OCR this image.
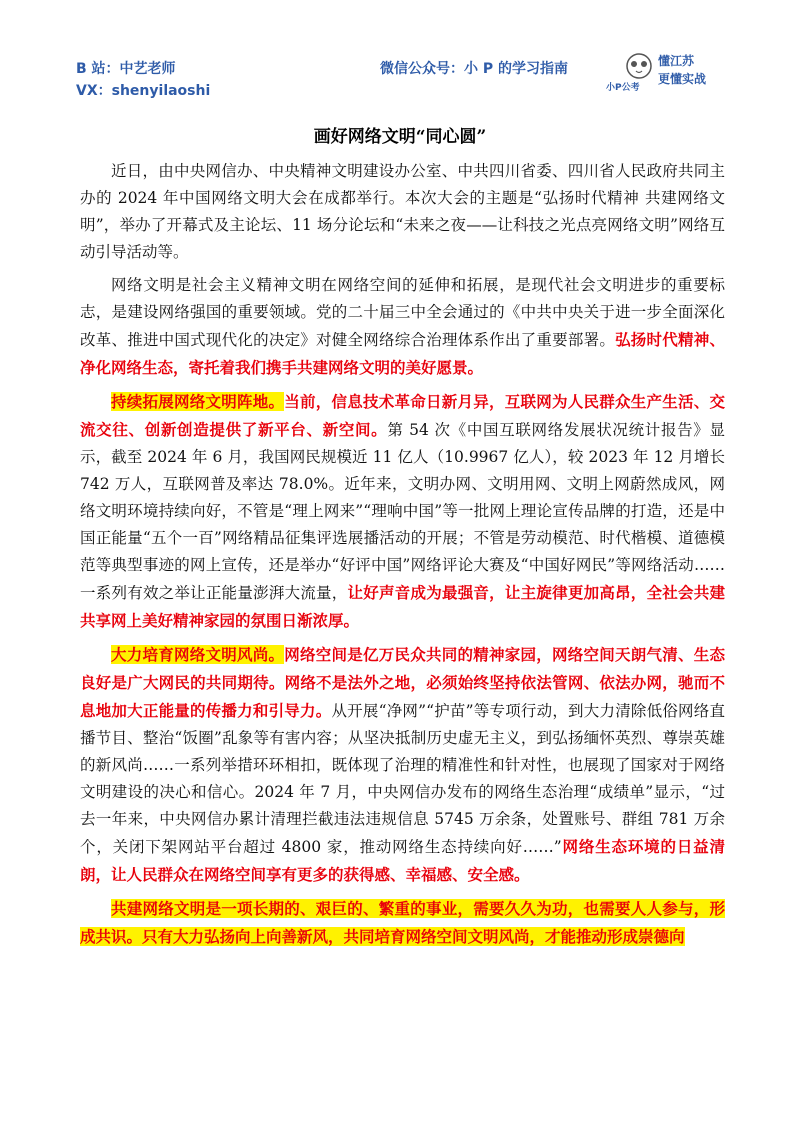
B 站：中艺老师
VX：shenyilaoshi
微信公众号：小 P 的学习指南	懂江苏
更懂实战
小P公考
画好网络文明“同心圆”

近日，由中央网信办、中央精神文明建设办公室、中共四川省委、四川省人民政府共同主办的 2024 年中国网络文明大会在成都举行。本次大会的主题是“弘扬时代精神 共建网络文明”，举办了开幕式及主论坛、11 场分论坛和“未来之夜——让科技之光点亮网络文明”网络互动引导活动等。

网络文明是社会主义精神文明在网络空间的延伸和拓展，是现代社会文明进步的重要标志，是建设网络强国的重要领域。党的二十届三中全会通过的《中共中央关于进一步全面深化改革、推进中国式现代化的决定》对健全网络综合治理体系作出了重要部署。弘扬时代精神、净化网络生态，寄托着我们携手共建网络文明的美好愿景。

持续拓展网络文明阵地。当前，信息技术革命日新月异，互联网为人民群众生产生活、交流交往、创新创造提供了新平台、新空间。第 54 次《中国互联网络发展状况统计报告》显示，截至 2024 年 6 月，我国网民规模近 11 亿人（10.9967 亿人），较 2023 年 12 月增长 742 万人，互联网普及率达 78.0%。近年来，文明办网、文明用网、文明上网蔚然成风，网络文明环境持续向好，不管是“理上网来”“理响中国”等一批网上理论宣传品牌的打造，还是中国正能量“五个一百”网络精品征集评选展播活动的开展；不管是劳动模范、时代楷模、道德模范等典型事迹的网上宣传，还是举办“好评中国”网络评论大赛及“中国好网民”等网络活动……一系列有效之举让正能量澎湃大流量，让好声音成为最强音，让主旋律更加高昂，全社会共建共享网上美好精神家园的氛围日渐浓厚。

大力培育网络文明风尚。网络空间是亿万民众共同的精神家园，网络空间天朗气清、生态良好是广大网民的共同期待。网络不是法外之地，必须始终坚持依法管网、依法办网，驰而不息地加大正能量的传播力和引导力。从开展“净网”“护苗”等专项行动，到大力清除低俗网络直播节目、整治“饭圈”乱象等有害内容；从坚决抵制历史虚无主义，到弘扬缅怀英烈、尊崇英雄的新风尚……一系列举措环环相扣，既体现了治理的精准性和针对性，也展现了国家对于网络文明建设的决心和信心。2024 年 7 月，中央网信办发布的网络生态治理“成绩单”显示，“过去一年来，中央网信办累计清理拦截违法违规信息 5745 万余条，处置账号、群组 781 万余个，关闭下架网站平台超过 4800 家，推动网络生态持续向好……”网络生态环境的日益清朗，让人民群众在网络空间享有更多的获得感、幸福感、安全感。

共建网络文明是一项长期的、艰巨的、繁重的事业，需要久久为功，也需要人人参与，形成共识。只有大力弘扬向上向善新风，共同培育网络空间文明风尚，才能推动形成崇德向
